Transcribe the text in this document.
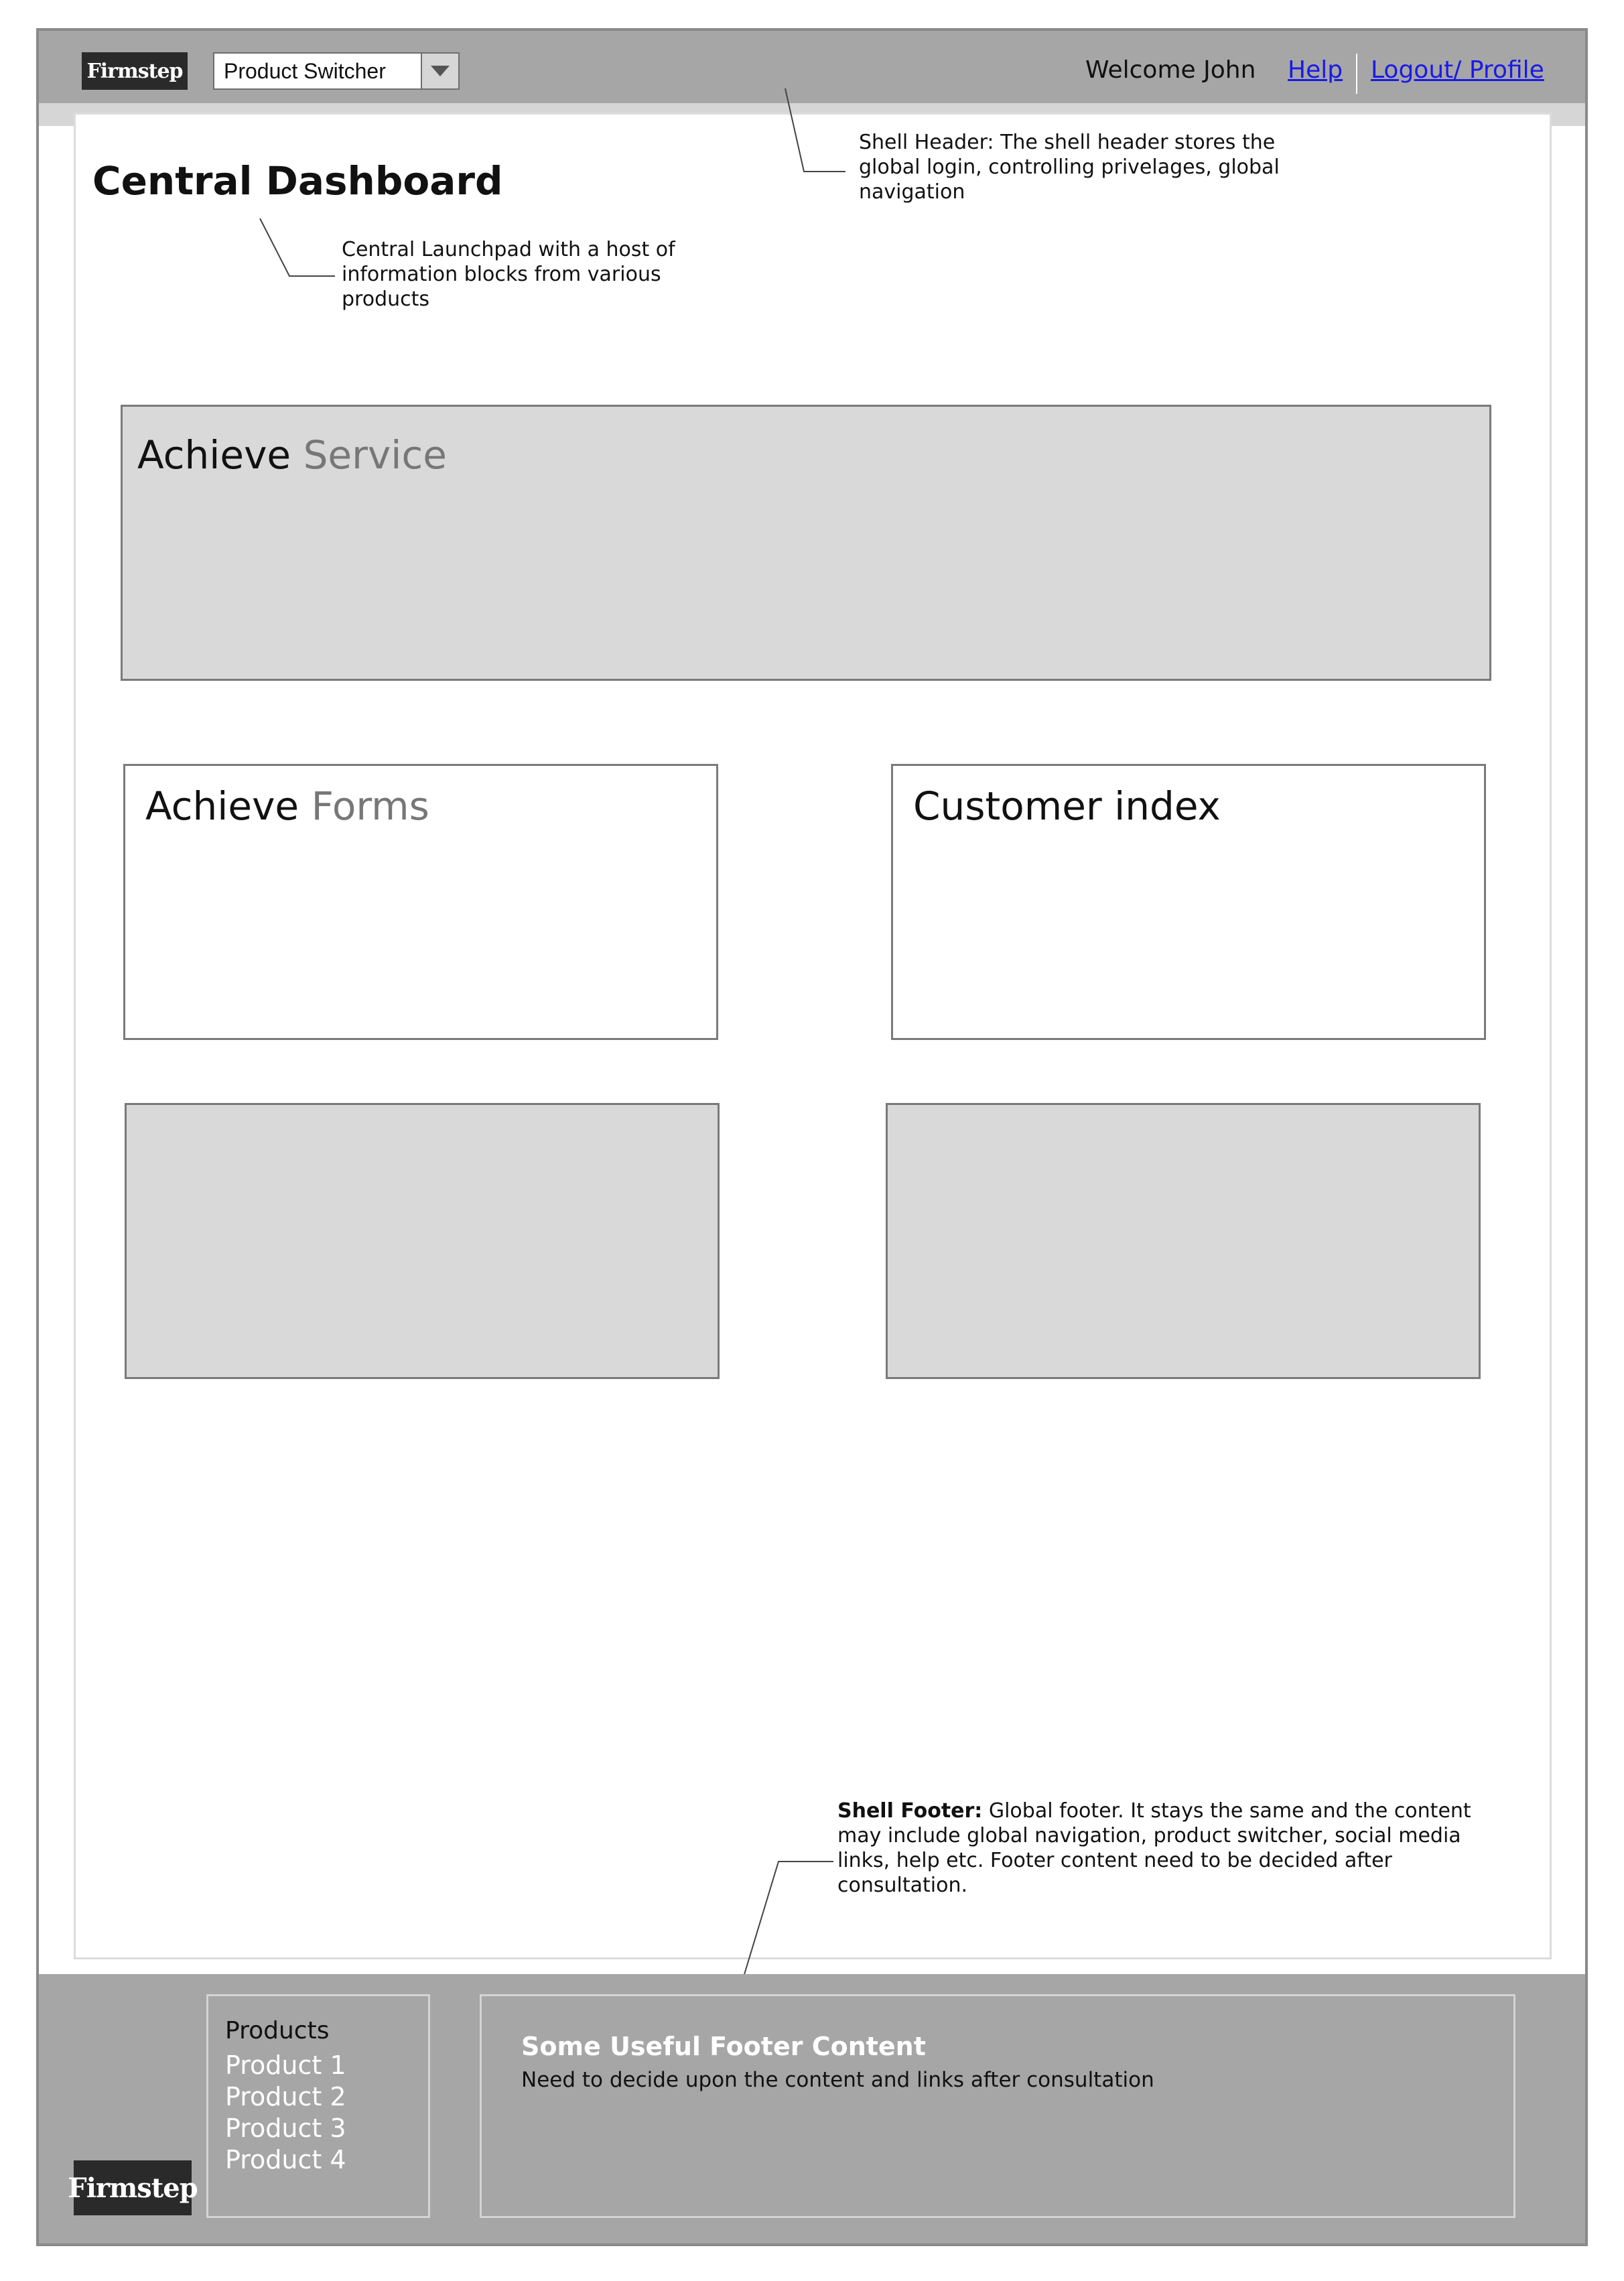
Firmstep	Product Switcher	Welcome John Help Logout/ Profile
Central Dashboard
Shell Header: The shell header stores the global login, controlling privelages, global navigation
Central Launchpad with a host of information blocks from various products
Achieve Service
Achieve Forms	Customer index
Shell Footer: Global footer. It stays the same and the content may include global navigation, product switcher, social media links, help etc. Footer content need to be decided after consultation.
Products
Product 1
Product 2
Product 3
Product 4
Some Useful Footer Content
Need to decide upon the content and links after consultation
Firmstep
